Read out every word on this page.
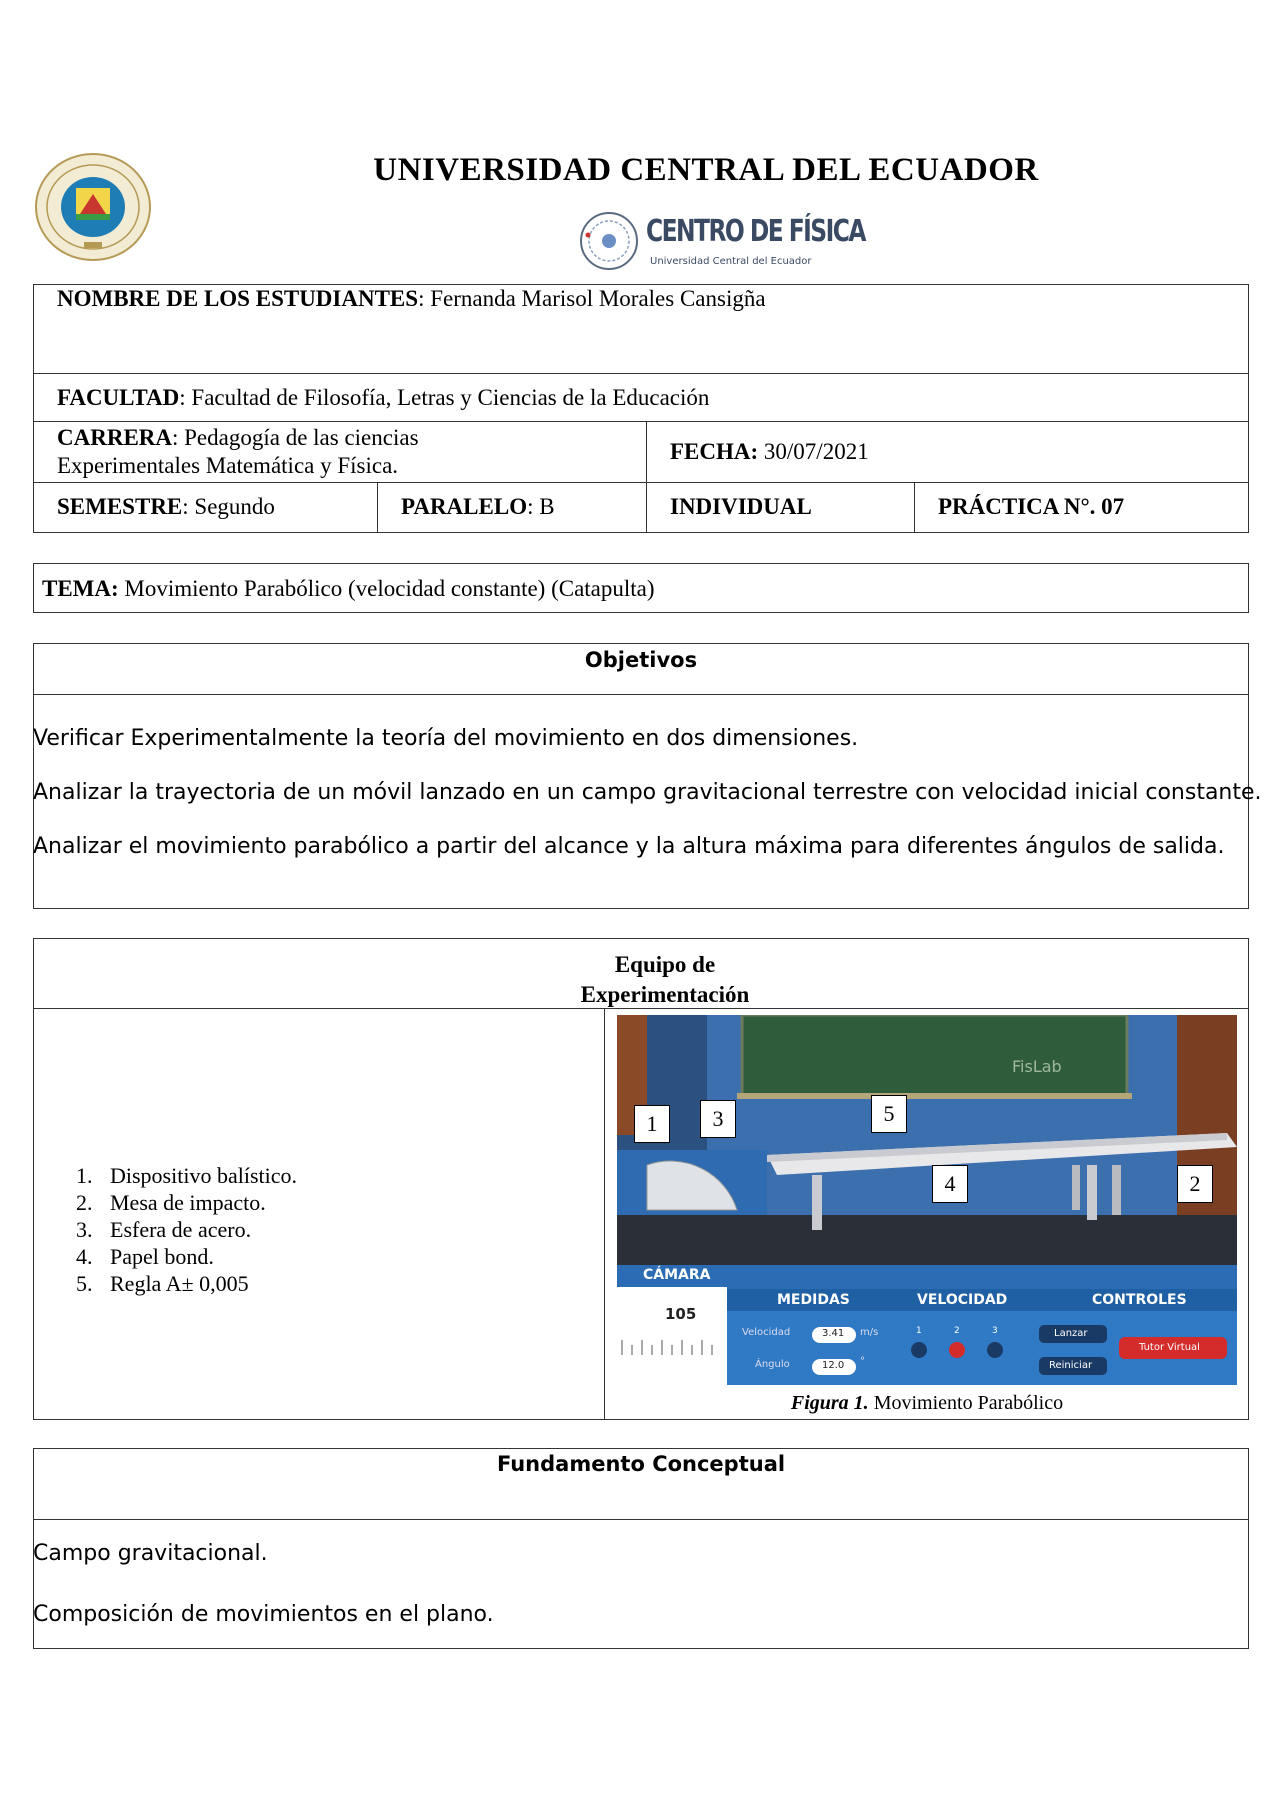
UNIVERSIDAD CENTRAL DEL ECUADOR
CENTRO DE FÍSICA
Universidad Central del Ecuador
NOMBRE DE LOS ESTUDIANTES: Fernanda Marisol Morales Cansigña
FACULTAD: Facultad de Filosofía, Letras y Ciencias de la Educación
CARRERA: Pedagogía de las ciencias
Experimentales Matemática y Física.
FECHA: 30/07/2021
SEMESTRE: Segundo	PARALELO: B	INDIVIDUAL	PRÁCTICA N°. 07
TEMA: Movimiento Parabólico (velocidad constante) (Catapulta)
Objetivos
Verificar Experimentalmente la teoría del movimiento en dos dimensiones.
Analizar la trayectoria de un móvil lanzado en un campo gravitacional terrestre con velocidad inicial constante.
Analizar el movimiento parabólico a partir del alcance y la altura máxima para diferentes ángulos de salida.
Equipo de
Experimentación
1. Dispositivo balístico.
2. Mesa de impacto.
3. Esfera de acero.
4. Papel bond.
5. Regla A± 0,005
FisLab
CÁMARA
105
MEDIDAS	VELOCIDAD	CONTROLES
Velocidad	3.41 m/s
Ángulo	12.0 °
1	2	3	Lanzar
Reiniciar
Tutor Virtual
1	3	5
4	2
Figura 1. Movimiento Parabólico
Fundamento Conceptual
Campo gravitacional.
Composición de movimientos en el plano.
